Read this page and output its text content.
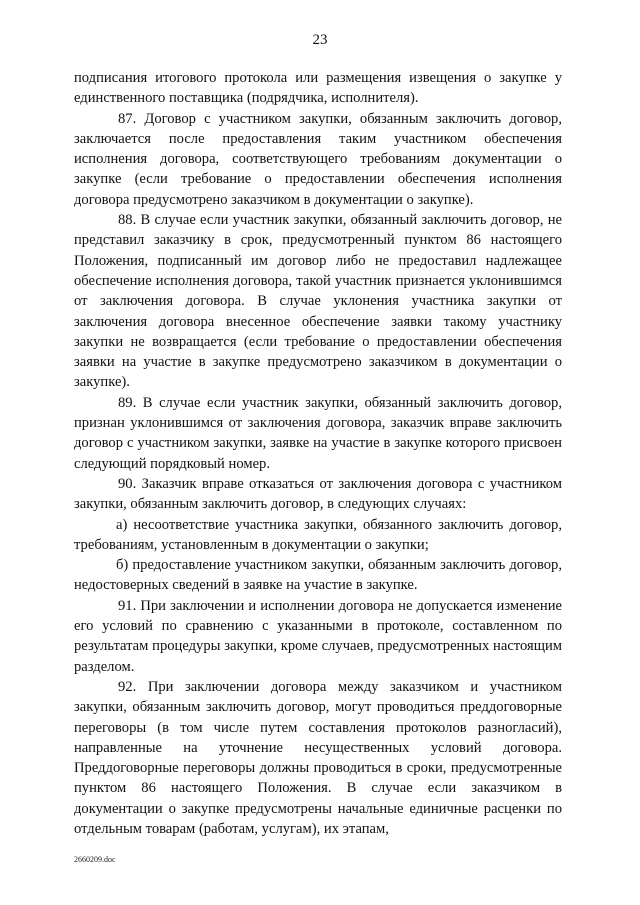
23

подписания итогового протокола или размещения извещения о закупке у единственного поставщика (подрядчика, исполнителя).

87. Договор с участником закупки, обязанным заключить договор, заключается после предоставления таким участником обеспечения исполнения договора, соответствующего требованиям документации о закупке (если требование о предоставлении обеспечения исполнения договора предусмотрено заказчиком в документации о закупке).

88. В случае если участник закупки, обязанный заключить договор, не представил заказчику в срок, предусмотренный пунктом 86 настоящего Положения, подписанный им договор либо не предоставил надлежащее обеспечение исполнения договора, такой участник признается уклонившимся от заключения договора. В случае уклонения участника закупки от заключения договора внесенное обеспечение заявки такому участнику закупки не возвращается (если требование о предоставлении обеспечения заявки на участие в закупке предусмотрено заказчиком в документации о закупке).

89. В случае если участник закупки, обязанный заключить договор, признан уклонившимся от заключения договора, заказчик вправе заключить договор с участником закупки, заявке на участие в закупке которого присвоен следующий порядковый номер.

90. Заказчик вправе отказаться от заключения договора с участником закупки, обязанным заключить договор, в следующих случаях:

а) несоответствие участника закупки, обязанного заключить договор, требованиям, установленным в документации о закупки;

б) предоставление участником закупки, обязанным заключить договор, недостоверных сведений в заявке на участие в закупке.

91. При заключении и исполнении договора не допускается изменение его условий по сравнению с указанными в протоколе, составленном по результатам процедуры закупки, кроме случаев, предусмотренных настоящим разделом.

92. При заключении договора между заказчиком и участником закупки, обязанным заключить договор, могут проводиться преддоговорные переговоры (в том числе путем составления протоколов разногласий), направленные на уточнение несущественных условий договора. Преддоговорные переговоры должны проводиться в сроки, предусмотренные пунктом 86 настоящего Положения. В случае если заказчиком в документации о закупке предусмотрены начальные единичные расценки по отдельным товарам (работам, услугам), их этапам,

2660209.doc
